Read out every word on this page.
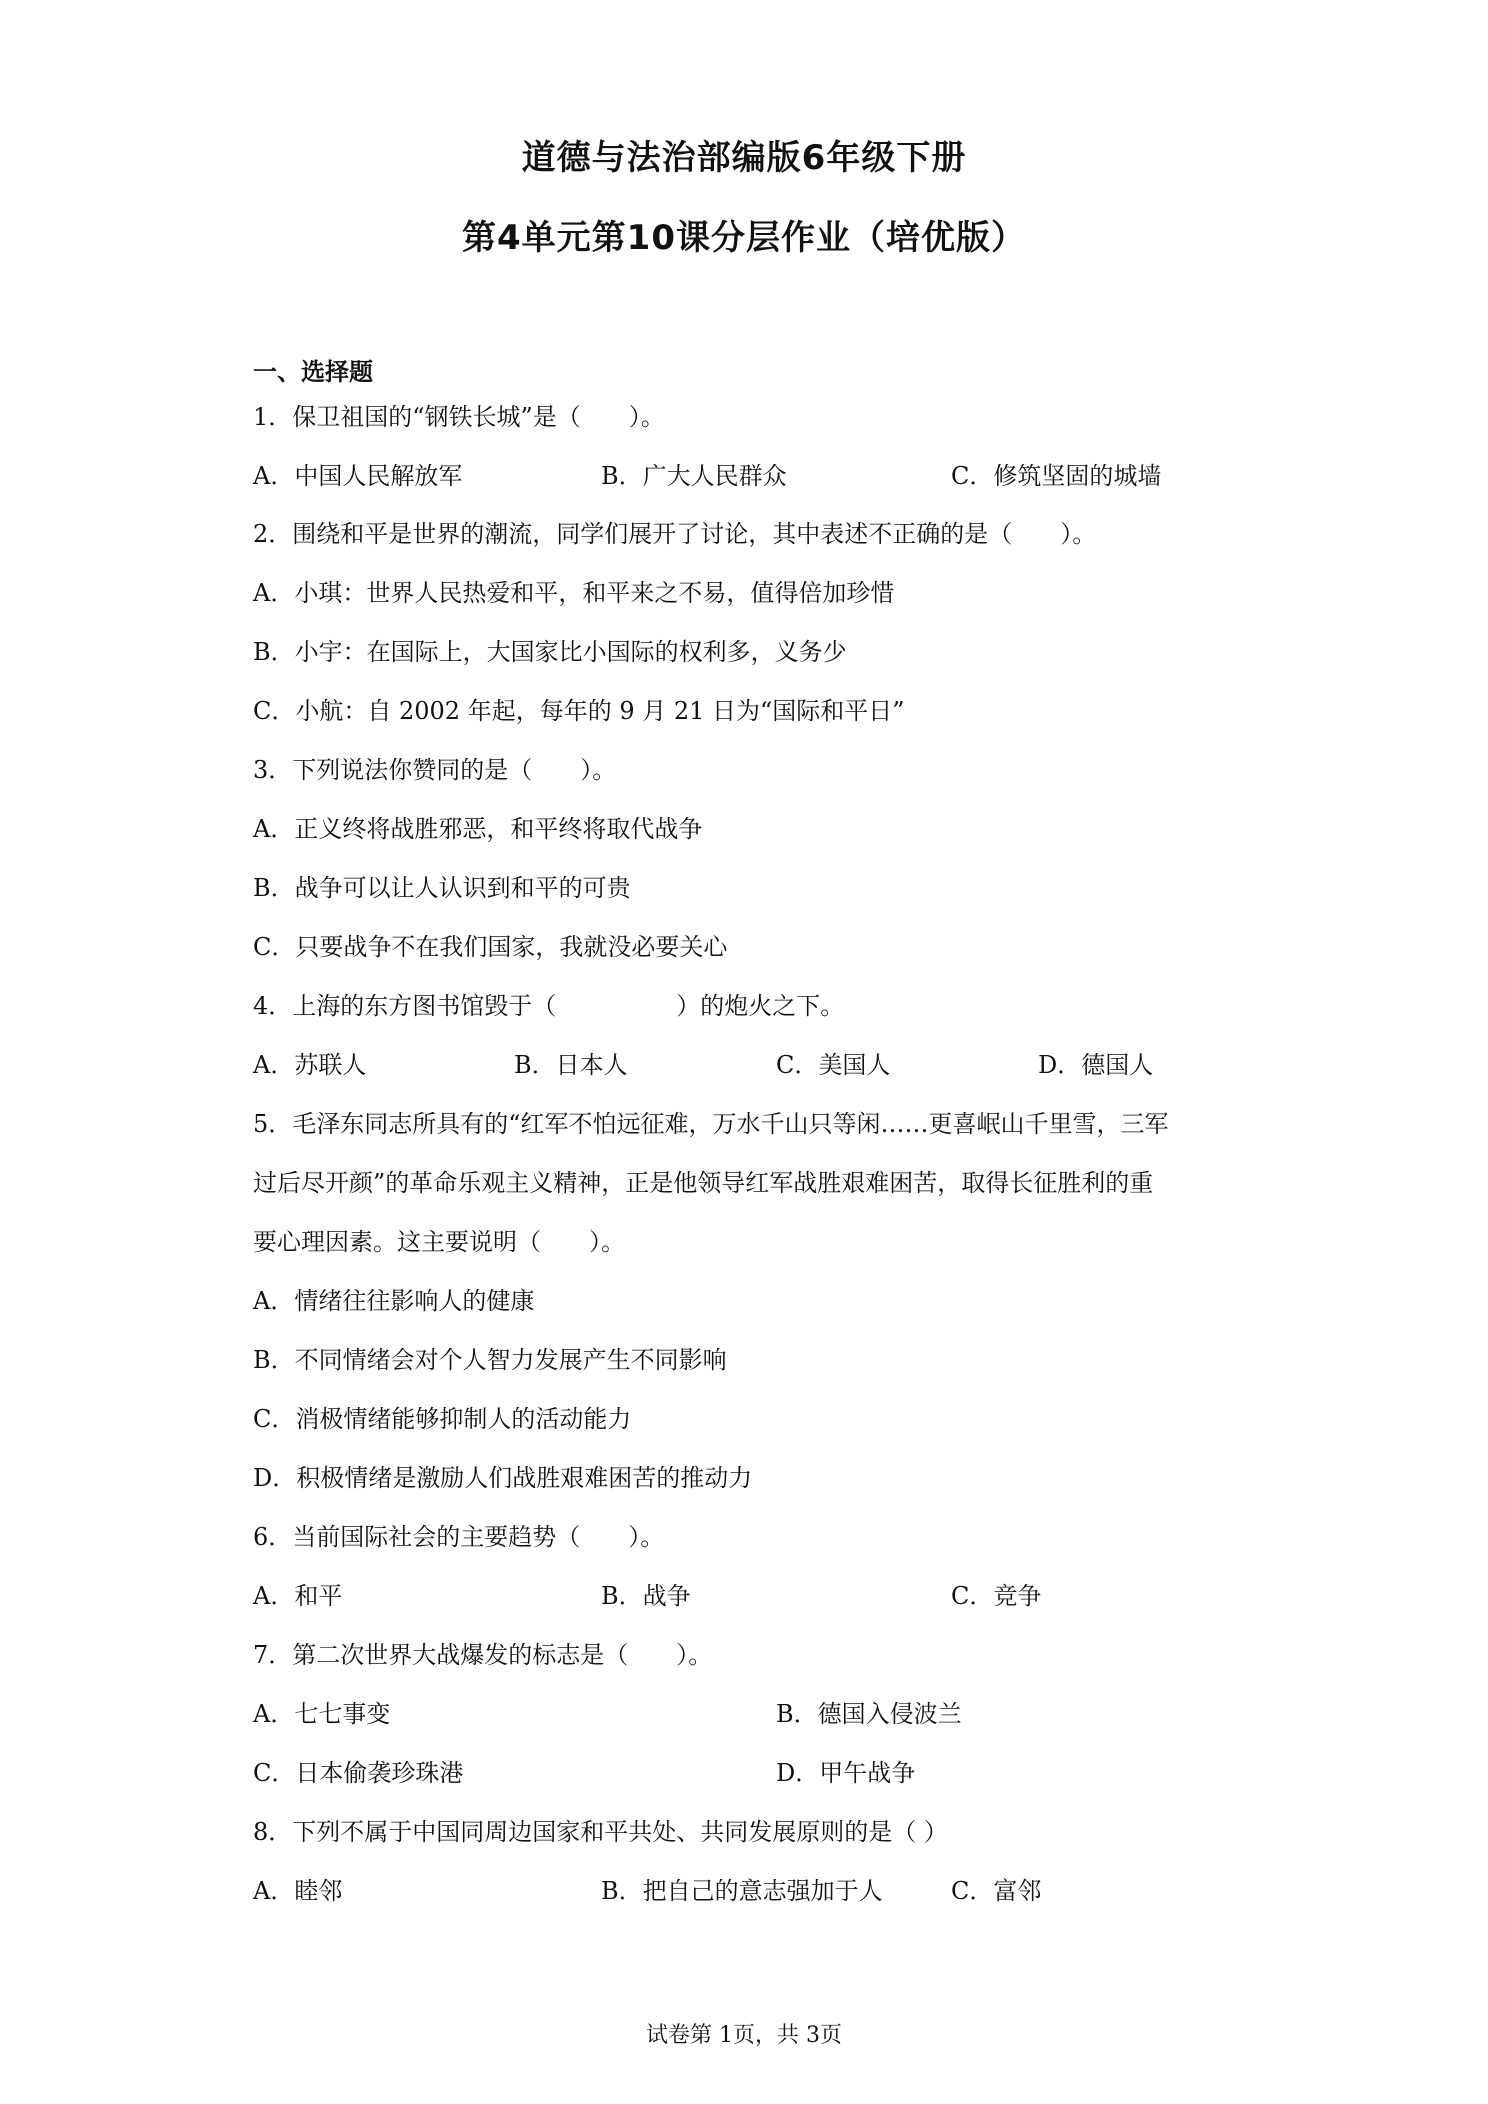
道德与法治部编版6年级下册
第4单元第10课分层作业（培优版）
一、选择题
1．保卫祖国的“钢铁长城”是（　　）。
A．中国人民解放军	B．广大人民群众	C．修筑坚固的城墙
2．围绕和平是世界的潮流，同学们展开了讨论，其中表述不正确的是（　　）。
A．小琪：世界人民热爱和平，和平来之不易，值得倍加珍惜
B．小宇：在国际上，大国家比小国际的权利多，义务少
C．小航：自 2002 年起，每年的 9 月 21 日为“国际和平日”
3．下列说法你赞同的是（　　）。
A．正义终将战胜邪恶，和平终将取代战争
B．战争可以让人认识到和平的可贵
C．只要战争不在我们国家，我就没必要关心
4．上海的东方图书馆毁于（　　　　　）的炮火之下。
A．苏联人	B．日本人	C．美国人	D．德国人
5．毛泽东同志所具有的“红军不怕远征难，万水千山只等闲……更喜岷山千里雪，三军
过后尽开颜”的革命乐观主义精神，正是他领导红军战胜艰难困苦，取得长征胜利的重
要心理因素。这主要说明（　　）。
A．情绪往往影响人的健康
B．不同情绪会对个人智力发展产生不同影响
C．消极情绪能够抑制人的活动能力
D．积极情绪是激励人们战胜艰难困苦的推动力
6．当前国际社会的主要趋势（　　）。
A．和平	B．战争	C．竞争
7．第二次世界大战爆发的标志是（　　）。
A．七七事变	B．德国入侵波兰
C．日本偷袭珍珠港	D．甲午战争
8．下列不属于中国同周边国家和平共处、共同发展原则的是（ ）
A．睦邻	B．把自己的意志强加于人	C．富邻
试卷第 1页，共 3页
